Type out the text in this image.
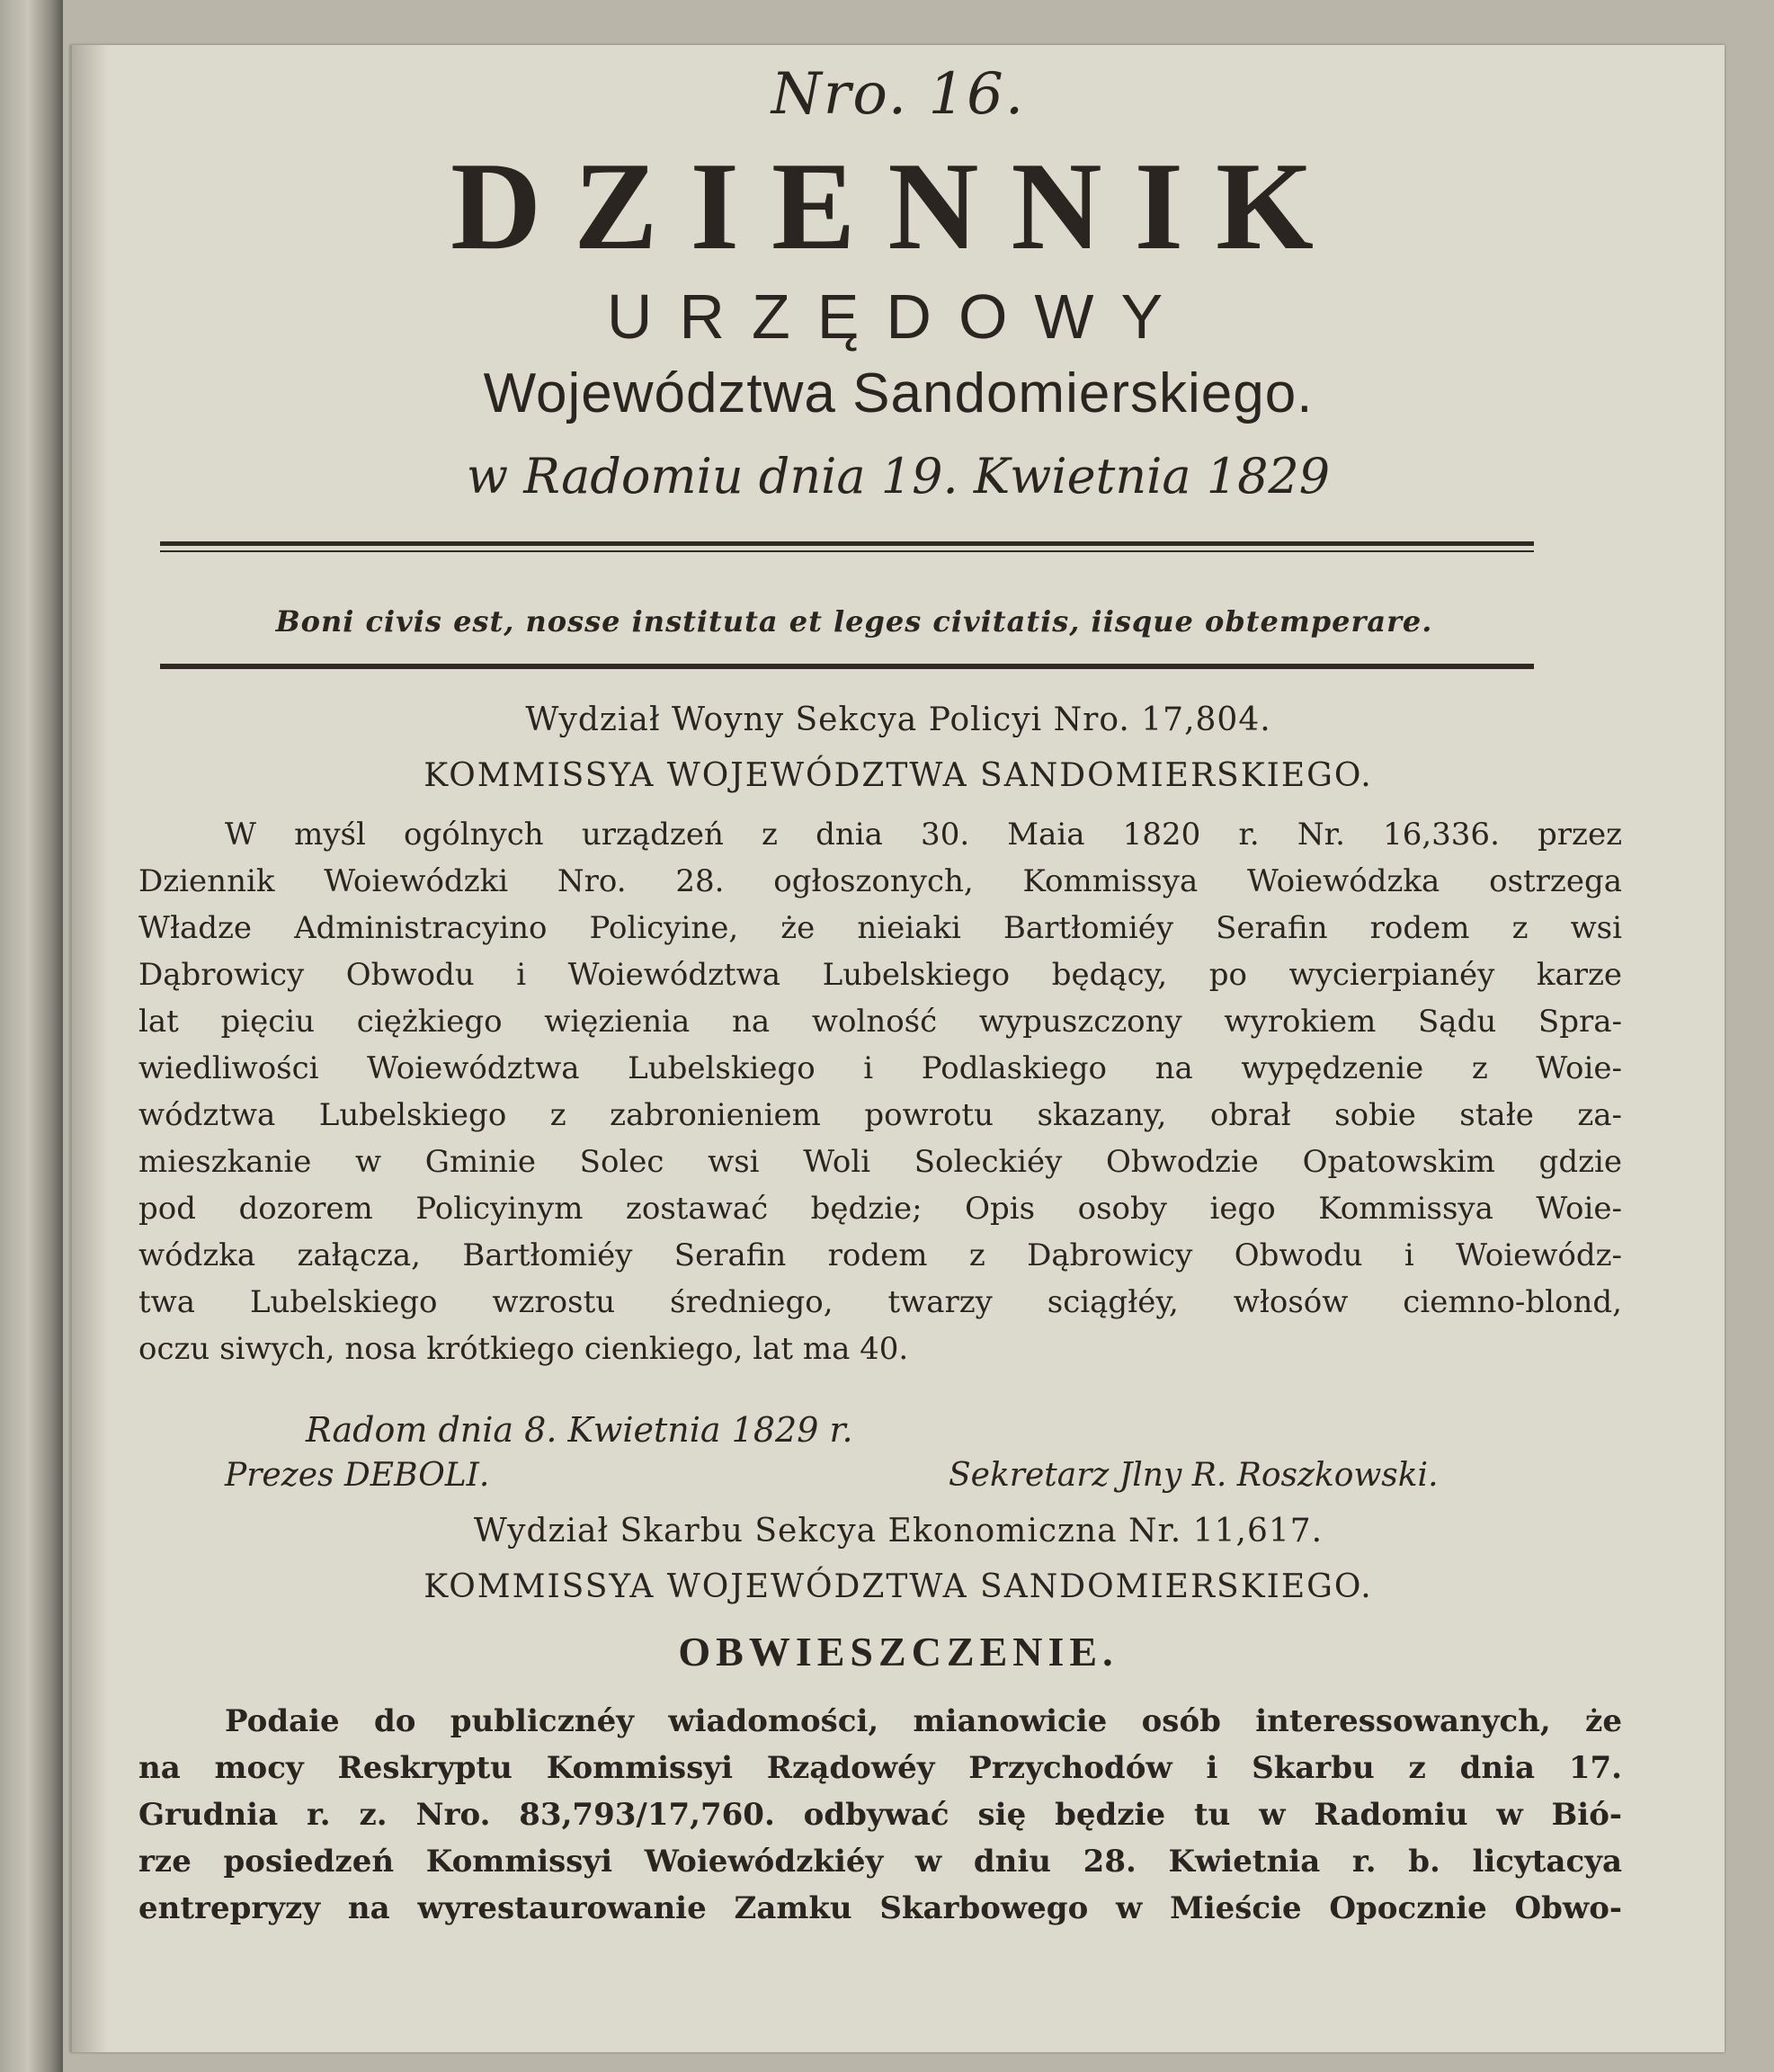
Nro. 16.
DZIENNIK
URZĘDOWY
Województwa Sandomierskiego.
w Radomiu dnia 19. Kwietnia 1829
Boni civis est, nosse instituta et leges civitatis, iisque obtemperare.
Wydział Woyny Sekcya Policyi Nro. 17,804.
KOMMISSYA WOJEWÓDZTWA SANDOMIERSKIEGO.
W myśl ogólnych urządzeń z dnia 30. Maia 1820 r. Nr. 16,336. przez
Dziennik Woiewódzki Nro. 28. ogłoszonych, Kommissya Woiewódzka ostrzega
Władze Administracyino Policyine, że nieiaki Bartłomiéy Serafin rodem z wsi
Dąbrowicy Obwodu i Woiewództwa Lubelskiego będący, po wycierpianéy karze
lat pięciu ciężkiego więzienia na wolność wypuszczony wyrokiem Sądu Spra-
wiedliwości Woiewództwa Lubelskiego i Podlaskiego na wypędzenie z Woie-
wództwa Lubelskiego z zabronieniem powrotu skazany, obrał sobie stałe za-
mieszkanie w Gminie Solec wsi Woli Soleckiéy Obwodzie Opatowskim gdzie
pod dozorem Policyinym zostawać będzie; Opis osoby iego Kommissya Woie-
wódzka załącza, Bartłomiéy Serafin rodem z Dąbrowicy Obwodu i Woiewódz-
twa Lubelskiego wzrostu średniego, twarzy sciągłéy, włosów ciemno-blond,
oczu siwych, nosa krótkiego cienkiego, lat ma 40.
Radom dnia 8. Kwietnia 1829 r.
Prezes DEBOLI.	Sekretarz Jlny R. Roszkowski.
Wydział Skarbu Sekcya Ekonomiczna Nr. 11,617.
KOMMISSYA WOJEWÓDZTWA SANDOMIERSKIEGO.
OBWIESZCZENIE.
Podaie do publicznéy wiadomości, mianowicie osób interessowanych, że
na mocy Reskryptu Kommissyi Rządowéy Przychodów i Skarbu z dnia 17.
Grudnia r. z. Nro. 83,793/17,760. odbywać się będzie tu w Radomiu w Bió-
rze posiedzeń Kommissyi Woiewódzkiéy w dniu 28. Kwietnia r. b. licytacya
entrepryzy na wyrestaurowanie Zamku Skarbowego w Mieście Opocznie Obwo-
